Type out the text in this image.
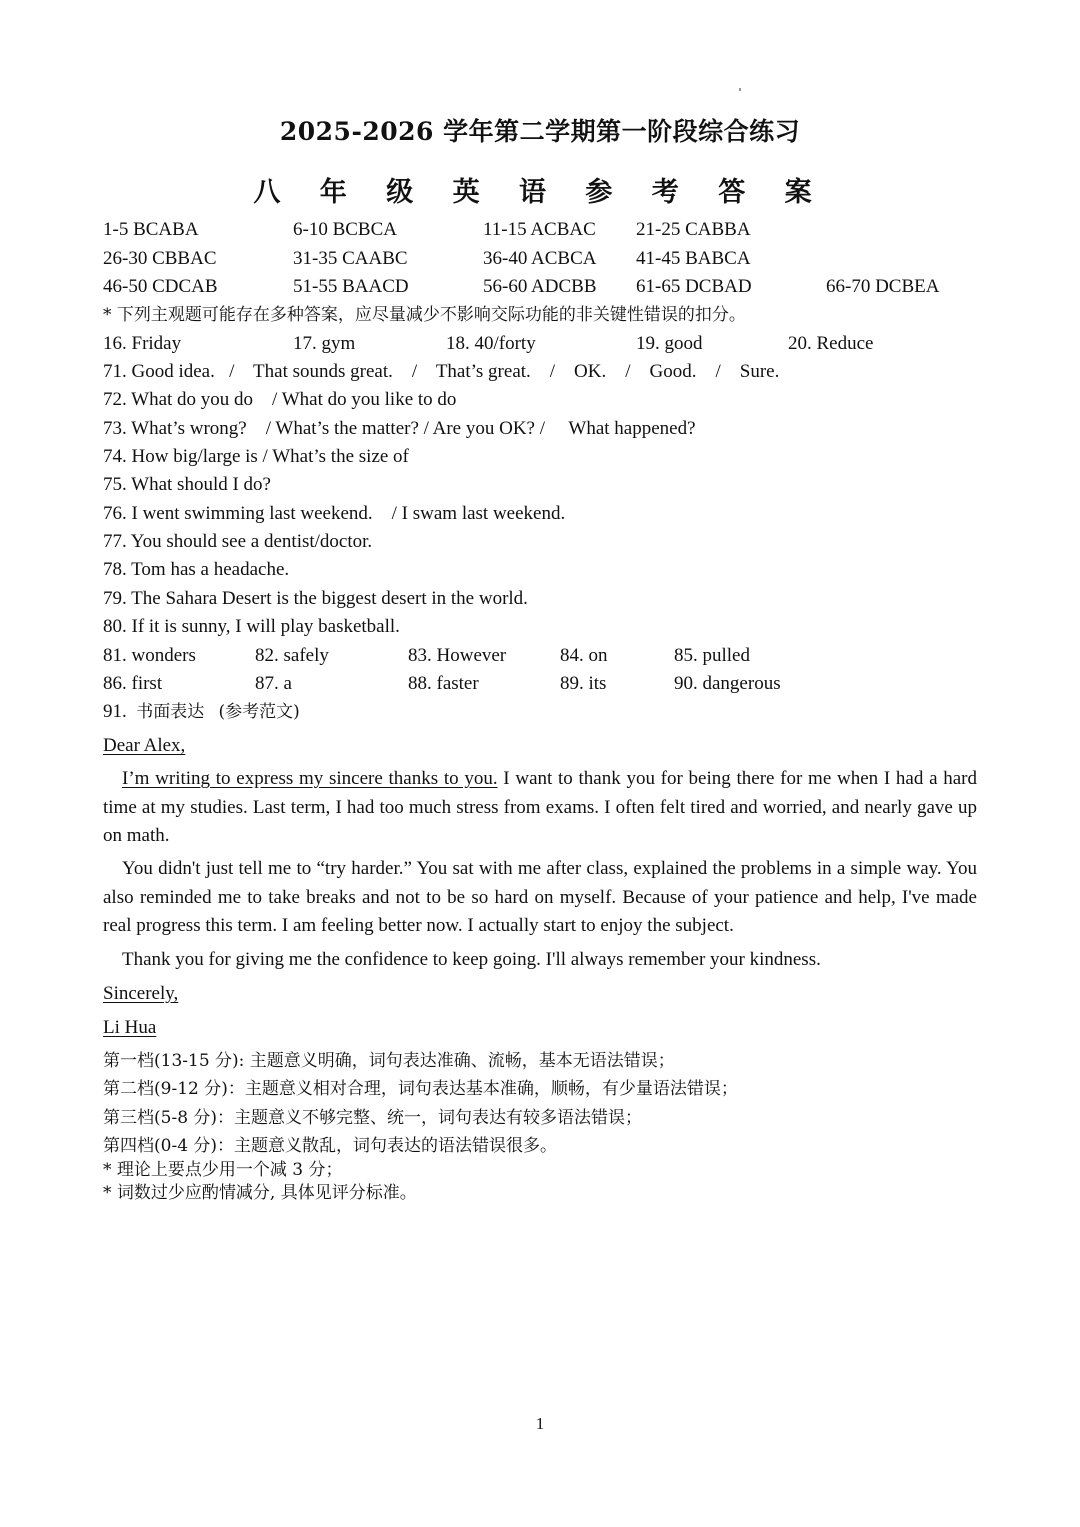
2025-2026 学年第二学期第一阶段综合练习
八 年 级 英 语 参 考 答 案
1-5 BCABA	6-10 BCBCA	11-15 ACBAC 21-25 CABBA
26-30 CBBAC	31-35 CAABC	36-40 ACBCA 41-45 BABCA
46-50 CDCAB	51-55 BAACD	56-60 ADCBB 61-65 DCBAD	66-70 DCBEA
* 下列主观题可能存在多种答案，应尽量减少不影响交际功能的非关键性错误的扣分。
16. Friday	17. gym	18. 40/forty	19. good	20. Reduce
71. Good idea.   /    That sounds great.    /    That’s great.    /    OK.    /    Good.    /    Sure.
72. What do you do    / What do you like to do
73. What’s wrong?    / What’s the matter? / Are you OK? /     What happened?
74. How big/large is / What’s the size of
75. What should I do?
76. I went swimming last weekend.    / I swam last weekend.
77. You should see a dentist/doctor.
78. Tom has a headache.
79. The Sahara Desert is the biggest desert in the world.
80. If it is sunny, I will play basketball.
81. wonders	82. safely	83. However	84. on	85. pulled
86. first	87. a	88. faster	89. its	90. dangerous
91. 书面表达 (参考范文)
Dear Alex,
I’m writing to express my sincere thanks to you. I want to thank you for being there for me when I had a hard time at my studies. Last term, I had too much stress from exams. I often felt tired and worried, and nearly gave up on math.
You didn't just tell me to “try harder.” You sat with me after class, explained the problems in a simple way. You also reminded me to take breaks and not to be so hard on myself. Because of your patience and help, I've made real progress this term. I am feeling better now. I actually start to enjoy the subject.
Thank you for giving me the confidence to keep going. I'll always remember your kindness.
Sincerely,
Li Hua
第一档(13-15 分): 主题意义明确，词句表达准确、流畅，基本无语法错误；
第二档(9-12 分)：主题意义相对合理，词句表达基本准确，顺畅，有少量语法错误；
第三档(5-8 分)：主题意义不够完整、统一，词句表达有较多语法错误；
第四档(0-4 分)：主题意义散乱，词句表达的语法错误很多。
* 理论上要点少用一个减 3 分；
* 词数过少应酌情减分, 具体见评分标准。
1
